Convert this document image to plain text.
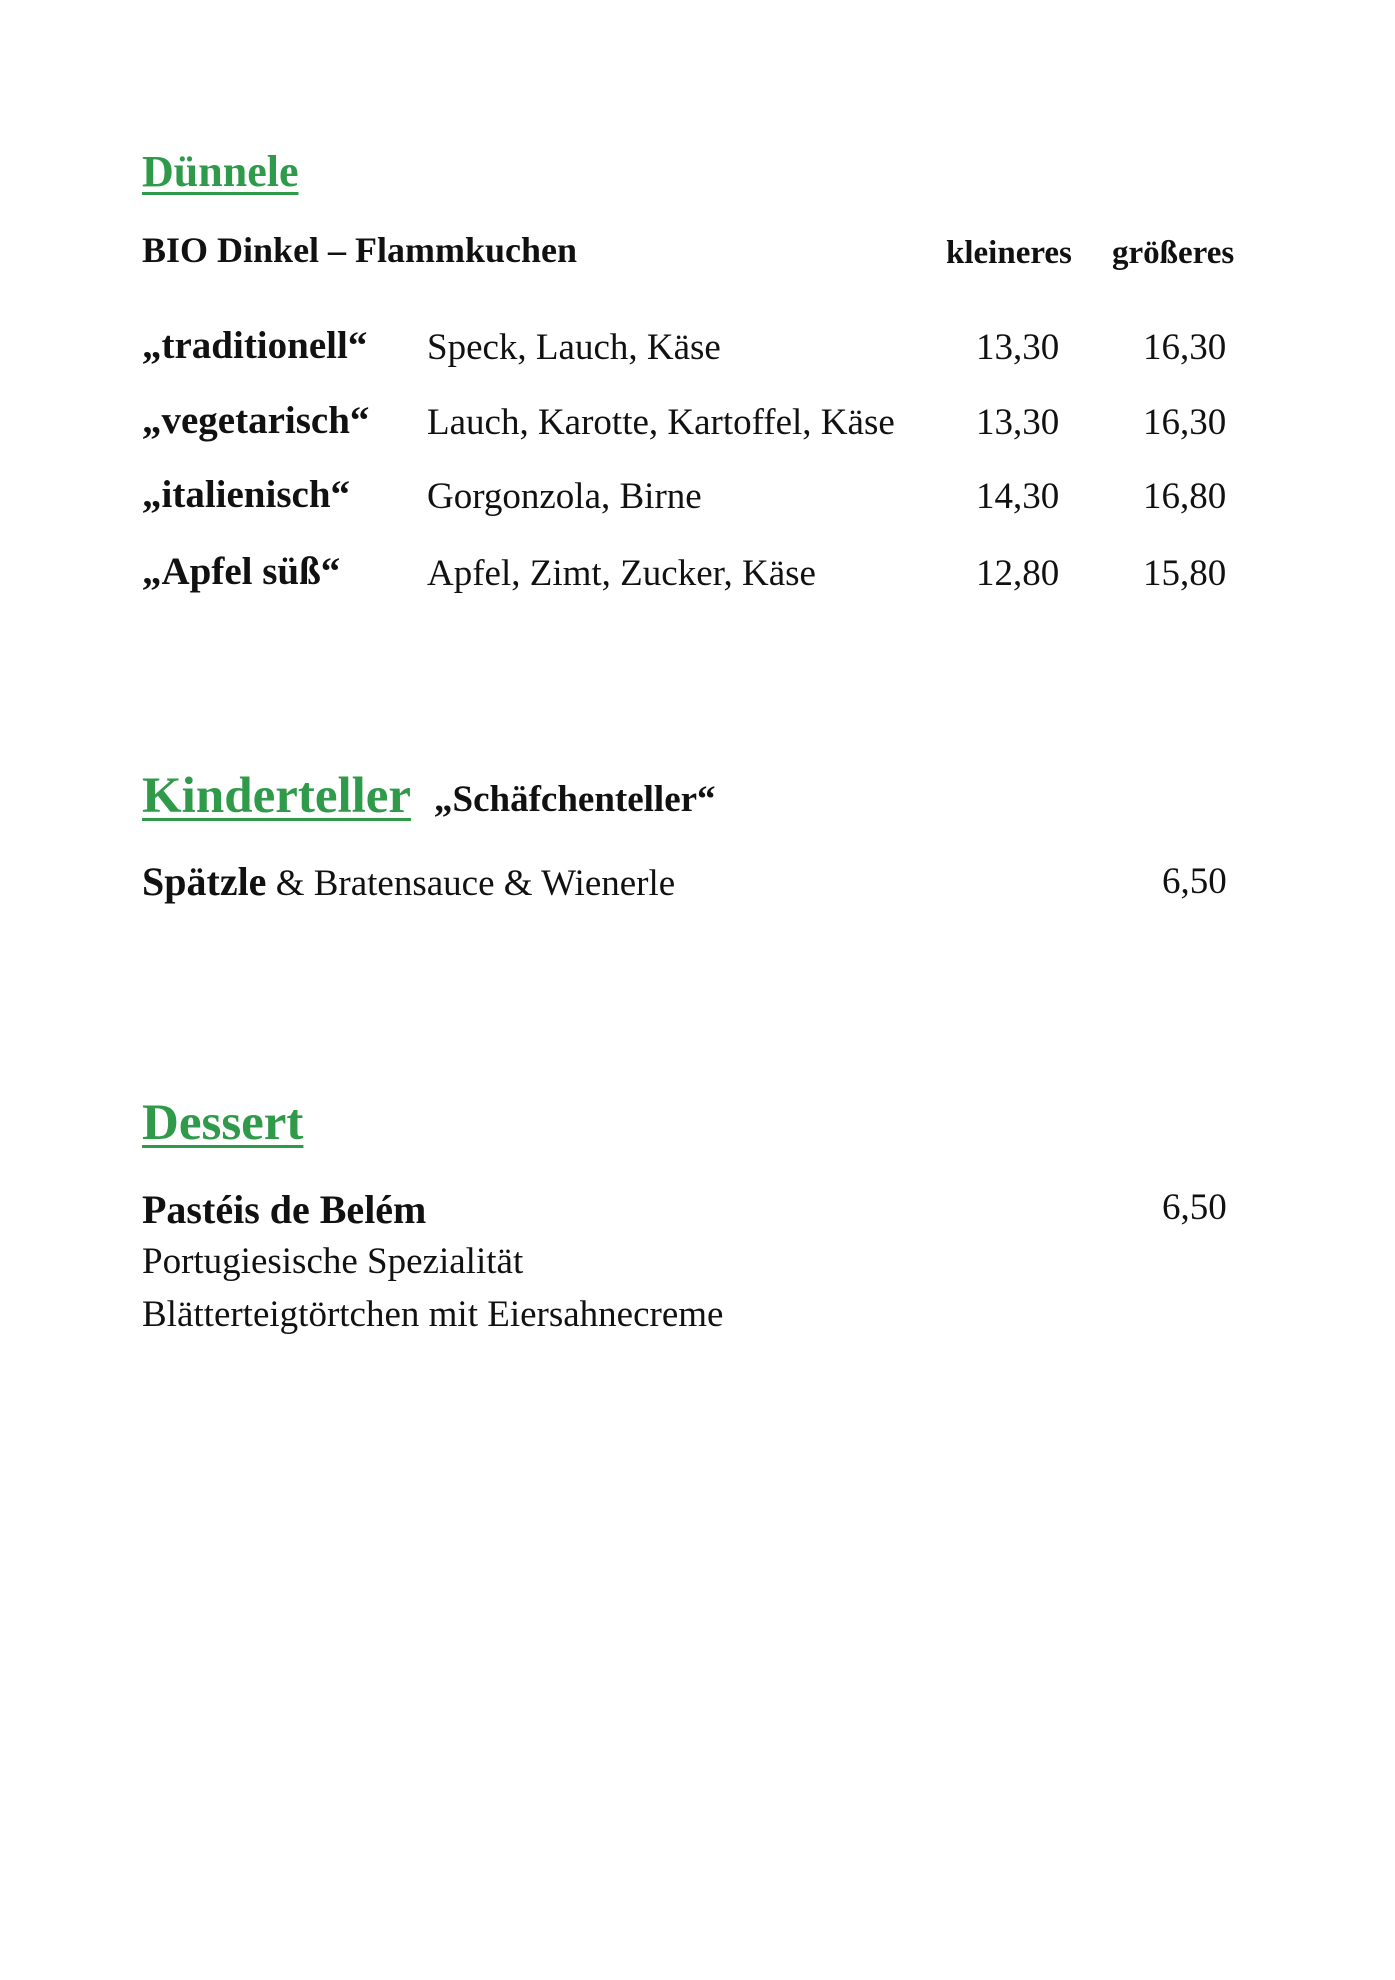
Dünnele
BIO Dinkel – Flammkuchen	kleineres größeres
„traditionell“ Speck, Lauch, Käse	13,30 16,30
„vegetarisch“ Lauch, Karotte, Kartoffel, Käse 13,30 16,30
„italienisch“ Gorgonzola, Birne	14,30 16,80
„Apfel süß“ Apfel, Zimt, Zucker, Käse	12,80 15,80
Kinderteller „Schäfchenteller“
Spätzle & Bratensauce & Wienerle	6,50
Dessert
Pastéis de Belém	6,50
Portugiesische Spezialität
Blätterteigtörtchen mit Eiersahnecreme
